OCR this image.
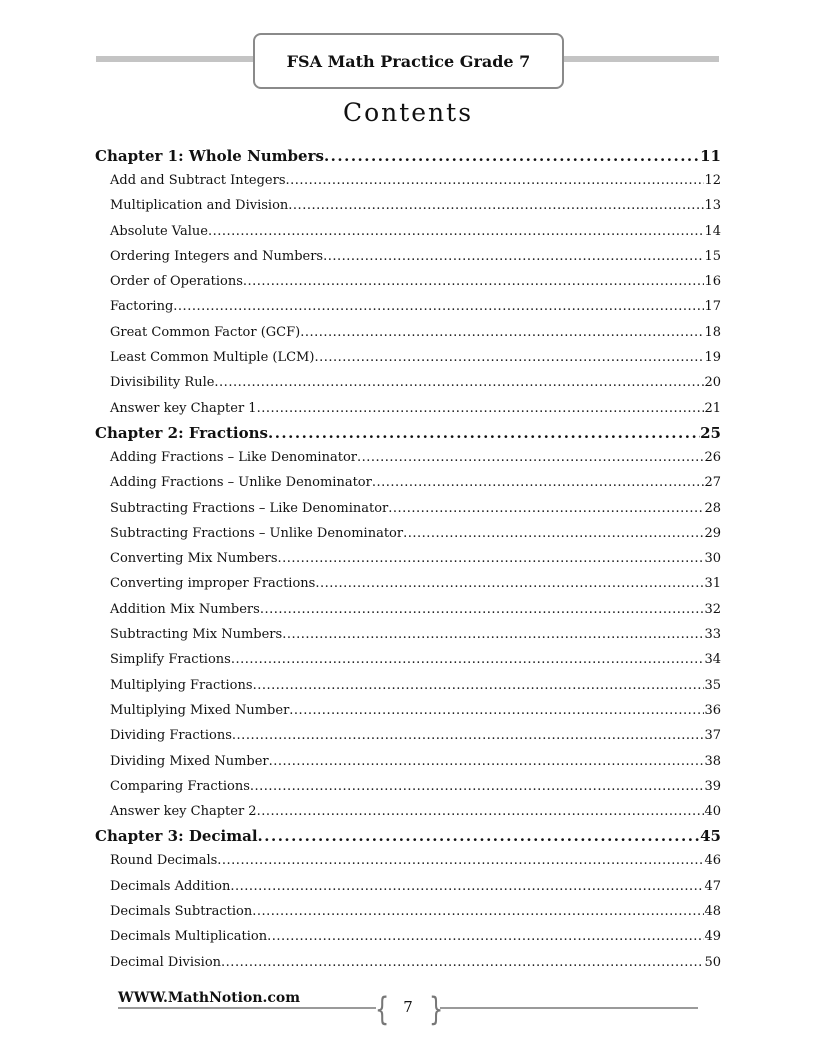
FSA Math Practice Grade 7
Contents
Chapter 1: Whole Numbers .....	11
Add and Subtract Integers .....	12
Multiplication and Division .....	13
Absolute Value .....	14
Ordering Integers and Numbers .....	15
Order of Operations .....	16
Factoring .....	17
Great Common Factor (GCF) .....	18
Least Common Multiple (LCM) .....	19
Divisibility Rule .....	20
Answer key Chapter 1 .....	21
Chapter 2: Fractions .....	25
Adding Fractions – Like Denominator .....	26
Adding Fractions – Unlike Denominator .....	27
Subtracting Fractions – Like Denominator .....	28
Subtracting Fractions – Unlike Denominator .....	29
Converting Mix Numbers .....	30
Converting improper Fractions .....	31
Addition Mix Numbers .....	32
Subtracting Mix Numbers .....	33
Simplify Fractions .....	34
Multiplying Fractions .....	35
Multiplying Mixed Number .....	36
Dividing Fractions .....	37
Dividing Mixed Number .....	38
Comparing Fractions .....	39
Answer key Chapter 2 .....	40
Chapter 3: Decimal .....	45
Round Decimals .....	46
Decimals Addition .....	47
Decimals Subtraction .....	48
Decimals Multiplication .....	49
Decimal Division .....	50
WWW.MathNotion.com { }
7
